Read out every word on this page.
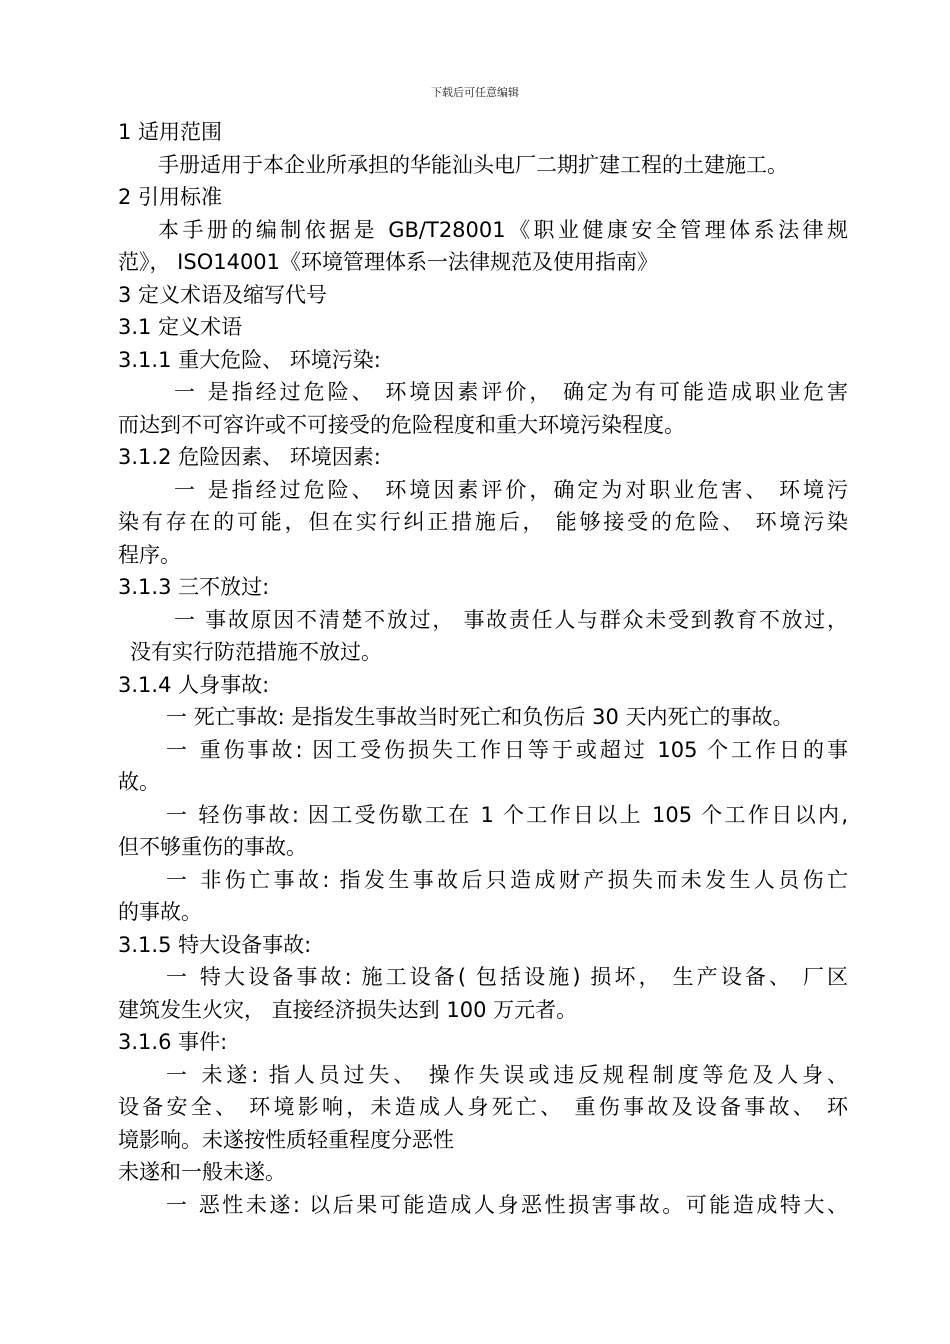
下载后可任意编辑
1 适用范围
手册适用于本企业所承担的华能汕头电厂二期扩建工程的土建施工。
2 引用标准
本手册的编制依据是 GB/T28001《职业健康安全管理体系法律规
范》， ISO14001《环境管理体系一法律规范及使用指南》
3 定义术语及缩写代号
3.1 定义术语
3.1.1 重大危险、 环境污染:
一 是指经过危险、 环境因素评价， 确定为有可能造成职业危害
而达到不可容许或不可接受的危险程度和重大环境污染程度。
3.1.2 危险因素、 环境因素:
一 是指经过危险、 环境因素评价，确定为对职业危害、 环境污
染有存在的可能，但在实行纠正措施后， 能够接受的危险、 环境污染
程序。
3.1.3 三不放过:
一 事故原因不清楚不放过， 事故责任人与群众未受到教育不放过，
没有实行防范措施不放过。
3.1.4 人身事故:
一 死亡事故: 是指发生事故当时死亡和负伤后 30 天内死亡的事故。
一 重伤事故: 因工受伤损失工作日等于或超过 105 个工作日的事
故。
一 轻伤事故: 因工受伤歇工在 1 个工作日以上 105 个工作日以内,
但不够重伤的事故。
一 非伤亡事故: 指发生事故后只造成财产损失而未发生人员伤亡
的事故。
3.1.5 特大设备事故:
一 特大设备事故: 施工设备( 包括设施) 损坏， 生产设备、 厂区
建筑发生火灾， 直接经济损失达到 100 万元者。
3.1.6 事件:
一 未遂: 指人员过失、 操作失误或违反规程制度等危及人身、
设备安全、 环境影响，未造成人身死亡、 重伤事故及设备事故、 环
境影响。未遂按性质轻重程度分恶性
未遂和一般未遂。
一 恶性未遂: 以后果可能造成人身恶性损害事故。可能造成特大、
